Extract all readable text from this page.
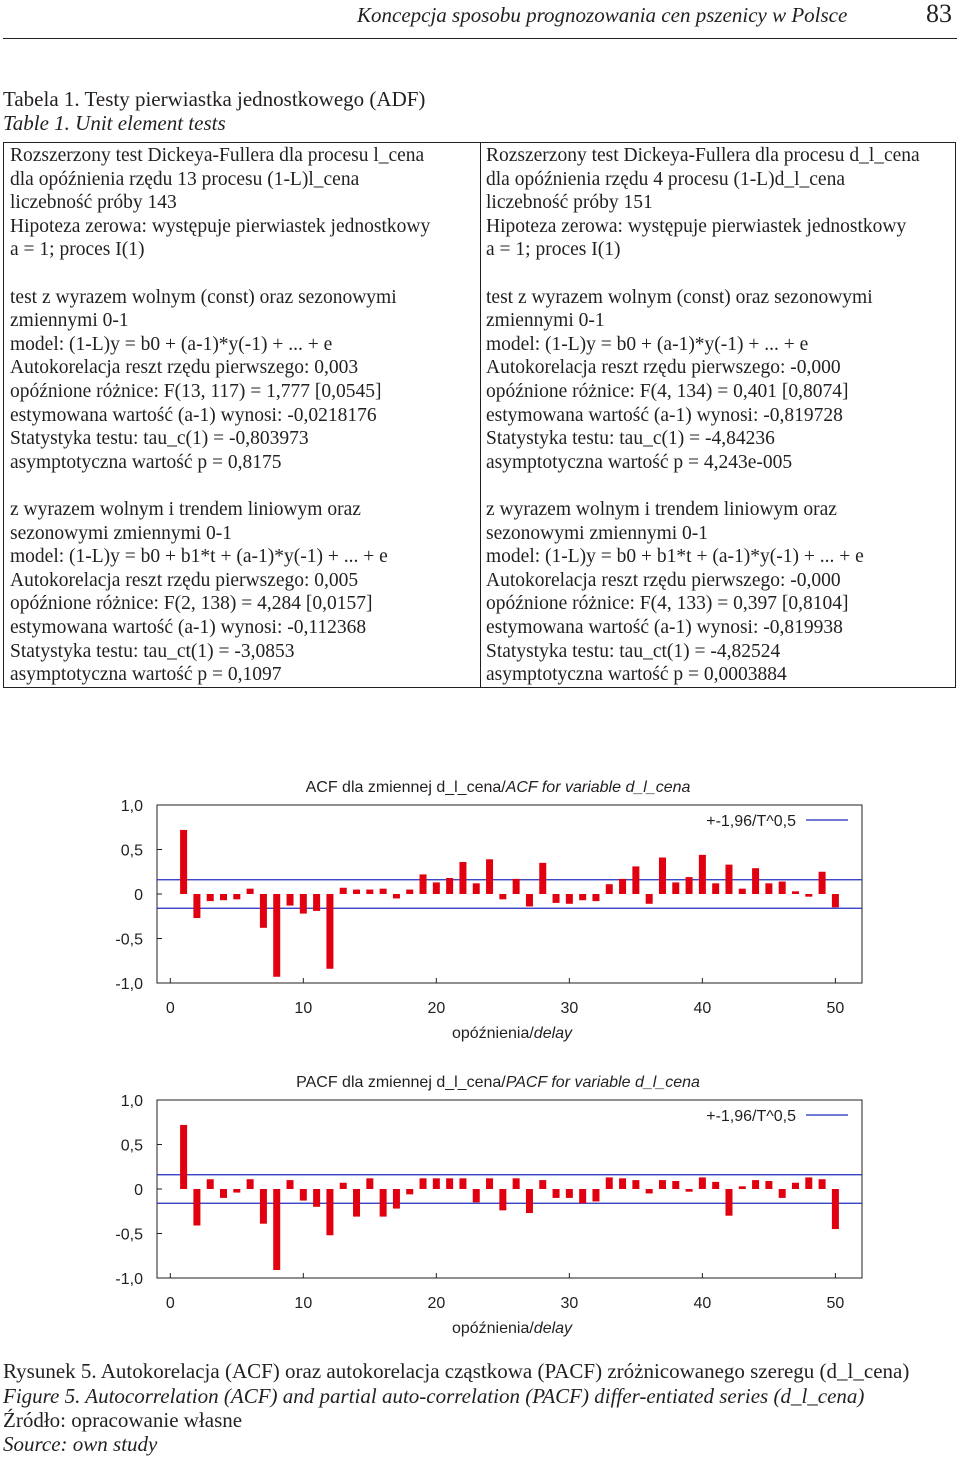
Koncepcja sposobu prognozowania cen pszenicy w Polsce	83
Tabela 1. Testy pierwiastka jednostkowego (ADF)
Table 1. Unit element tests
Rozszerzony test Dickeya-Fullera dla procesu l_cena
dla opóźnienia rzędu 13 procesu (1-L)l_cena
liczebność próby 143
Hipoteza zerowa: występuje pierwiastek jednostkowy
a = 1; proces I(1)
test z wyrazem wolnym (const) oraz sezonowymi
zmiennymi 0-1
model: (1-L)y = b0 + (a-1)*y(-1) + ... + e
Autokorelacja reszt rzędu pierwszego: 0,003
opóźnione różnice: F(13, 117) = 1,777 [0,0545]
estymowana wartość (a-1) wynosi: -0,0218176
Statystyka testu: tau_c(1) = -0,803973
asymptotyczna wartość p = 0,8175
z wyrazem wolnym i trendem liniowym oraz
sezonowymi zmiennymi 0-1
model: (1-L)y = b0 + b1*t + (a-1)*y(-1) + ... + e
Autokorelacja reszt rzędu pierwszego: 0,005
opóźnione różnice: F(2, 138) = 4,284 [0,0157]
estymowana wartość (a-1) wynosi: -0,112368
Statystyka testu: tau_ct(1) = -3,0853
asymptotyczna wartość p = 0,1097
Rozszerzony test Dickeya-Fullera dla procesu d_l_cena
dla opóźnienia rzędu 4 procesu (1-L)d_l_cena
liczebność próby 151
Hipoteza zerowa: występuje pierwiastek jednostkowy
a = 1; proces I(1)
test z wyrazem wolnym (const) oraz sezonowymi
zmiennymi 0-1
model: (1-L)y = b0 + (a-1)*y(-1) + ... + e
Autokorelacja reszt rzędu pierwszego: -0,000
opóźnione różnice: F(4, 134) = 0,401 [0,8074]
estymowana wartość (a-1) wynosi: -0,819728
Statystyka testu: tau_c(1) = -4,84236
asymptotyczna wartość p = 4,243e-005
z wyrazem wolnym i trendem liniowym oraz
sezonowymi zmiennymi 0-1
model: (1-L)y = b0 + b1*t + (a-1)*y(-1) + ... + e
Autokorelacja reszt rzędu pierwszego: -0,000
opóźnione różnice: F(4, 133) = 0,397 [0,8104]
estymowana wartość (a-1) wynosi: -0,819938
Statystyka testu: tau_ct(1) = -4,82524
asymptotyczna wartość p = 0,0003884
ACF dla zmiennej d_l_cena/ACF for variable d_l_cena
1,0
0,5
0
-0,5
-1,0
0	10	20	30	40	50
opóźnienia/delay
+-1,96/T^0,5
PACF dla zmiennej d_l_cena/PACF for variable d_l_cena
1,0
0,5
0
-0,5
-1,0
0	10	20	30	40	50
opóźnienia/delay
+-1,96/T^0,5
Rysunek 5. Autokorelacja (ACF) oraz autokorelacja cząstkowa (PACF) zróżnicowanego szeregu (d_l_cena)
Figure 5. Autocorrelation (ACF) and partial auto-correlation (PACF) differ-entiated series (d_l_cena)
Źródło: opracowanie własne
Source: own study
